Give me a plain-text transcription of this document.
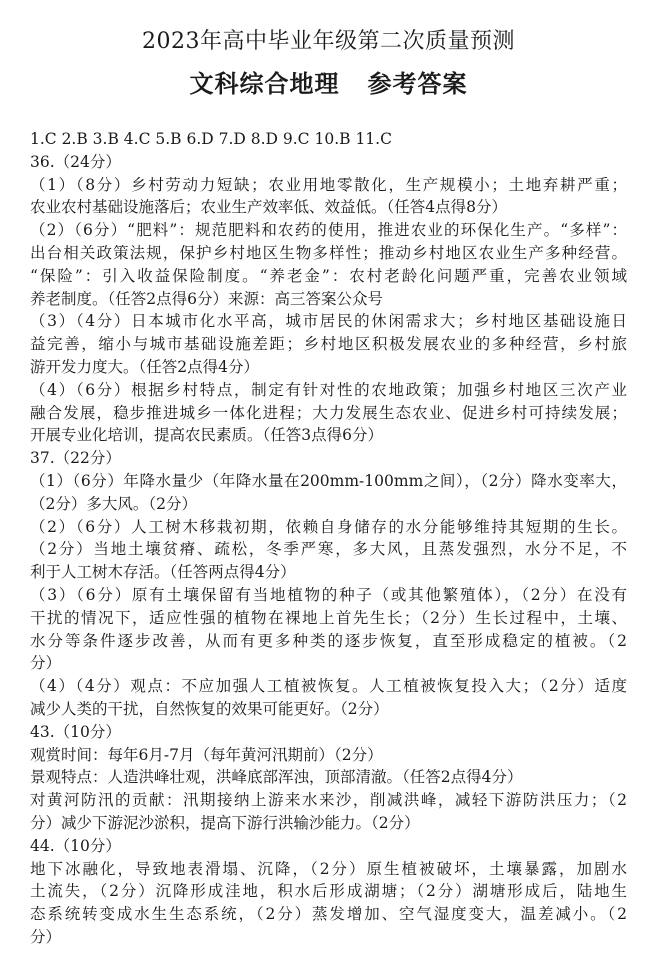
2023年高中毕业年级第二次质量预测
文科综合地理 参考答案
1.C 2.B 3.B 4.C 5.B 6.D 7.D 8.D 9.C 10.B 11.C
36.（24分）
（1）（8分）乡村劳动力短缺；农业用地零散化，生产规模小；土地弃耕严重；
农业农村基础设施落后；农业生产效率低、效益低。（任答4点得8分）
（2）（6分）“肥料”：规范肥料和农药的使用，推进农业的环保化生产。“多样”：
出台相关政策法规，保护乡村地区生物多样性；推动乡村地区农业生产多种经营。
“保险”：引入收益保险制度。“养老金”：农村老龄化问题严重，完善农业领域
养老制度。（任答2点得6分）来源：高三答案公众号
（3）（4分）日本城市化水平高，城市居民的休闲需求大；乡村地区基础设施日
益完善，缩小与城市基础设施差距；乡村地区积极发展农业的多种经营，乡村旅
游开发力度大。（任答2点得4分）
（4）（6分）根据乡村特点，制定有针对性的农地政策；加强乡村地区三次产业
融合发展，稳步推进城乡一体化进程；大力发展生态农业、促进乡村可持续发展；
开展专业化培训，提高农民素质。（任答3点得6分）
37.（22分）
（1）（6分）年降水量少（年降水量在200mm-100mm之间），（2分）降水变率大，
（2分）多大风。（2分）
（2）（6分）人工树木移栽初期，依赖自身储存的水分能够维持其短期的生长。
（2分）当地土壤贫瘠、疏松，冬季严寒，多大风，且蒸发强烈，水分不足，不
利于人工树木存活。（任答两点得4分）
（3）（6分）原有土壤保留有当地植物的种子（或其他繁殖体），（2分）在没有
干扰的情况下，适应性强的植物在裸地上首先生长；（2分）生长过程中，土壤、
水分等条件逐步改善，从而有更多种类的逐步恢复，直至形成稳定的植被。（2
分）
（4）（4分）观点：不应加强人工植被恢复。人工植被恢复投入大；（2分）适度
减少人类的干扰，自然恢复的效果可能更好。（2分）
43.（10分）
观赏时间：每年6月-7月（每年黄河汛期前）（2分）
景观特点：人造洪峰壮观，洪峰底部浑浊，顶部清澈。（任答2点得4分）
对黄河防汛的贡献：汛期接纳上游来水来沙，削减洪峰，减轻下游防洪压力；（2
分）减少下游泥沙淤积，提高下游行洪输沙能力。（2分）
44.（10分）
地下冰融化，导致地表滑塌、沉降，（2分）原生植被破坏，土壤暴露，加剧水
土流失，（2分）沉降形成洼地，积水后形成湖塘；（2分）湖塘形成后，陆地生
态系统转变成水生生态系统，（2分）蒸发增加、空气湿度变大，温差减小。（2
分）
